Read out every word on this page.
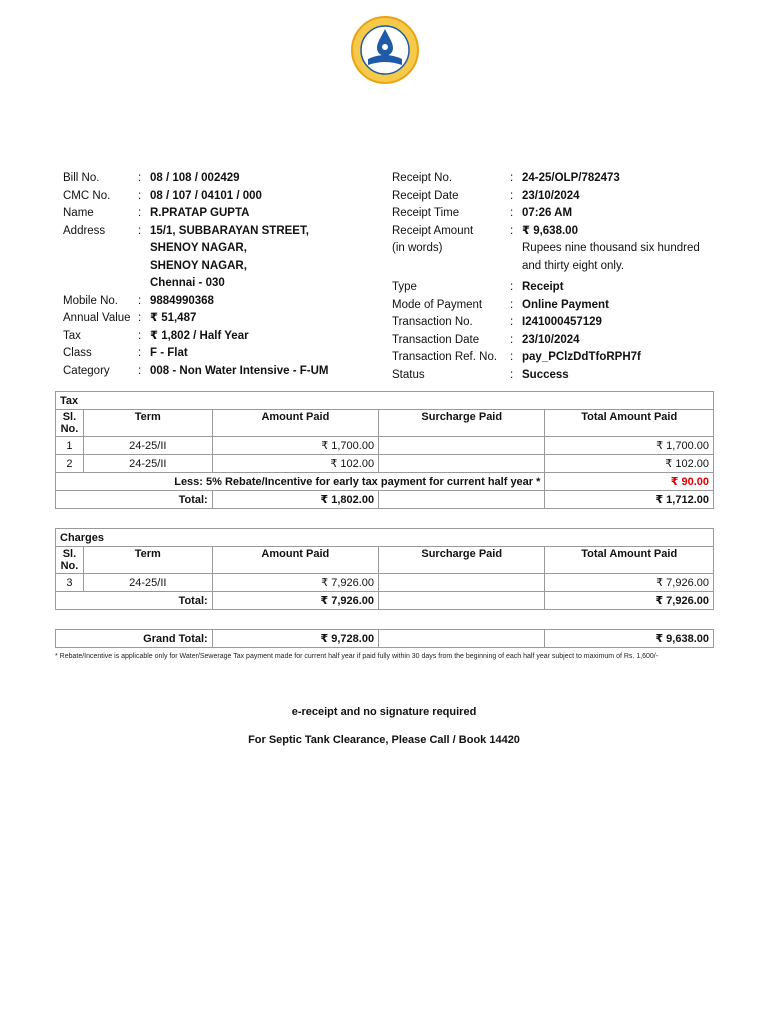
Bill No.	: 08 / 108 / 002429
CMC No.	: 08 / 107 / 04101 / 000
Name	: R.PRATAP GUPTA
Address	: 15/1, SUBBARAYAN STREET,
SHENOY NAGAR,
SHENOY NAGAR,
Chennai - 030
Mobile No.	: 9884990368
Annual Value : ₹ 51,487
Tax	: ₹ 1,802 / Half Year
Class	: F - Flat
Category	: 008 - Non Water Intensive - F-UM
Receipt No.	: 24-25/OLP/782473
Receipt Date	: 23/10/2024
Receipt Time	: 07:26 AM
Receipt Amount	: ₹ 9,638.00
(in words)	Rupees nine thousand six hundred
and thirty eight only.
Type	: Receipt
Mode of Payment	: Online Payment
Transaction No.	: I241000457129
Transaction Date	: 23/10/2024
Transaction Ref. No.	: pay_PClzDdTfoRPH7f
Status	: Success
Tax				
Sl.
No.	Term	Amount Paid	Surcharge Paid	Total Amount Paid
1	24-25/II	₹ 1,700.00		₹ 1,700.00
2	24-25/II	₹ 102.00		₹ 102.00
Less: 5% Rebate/Incentive for early tax payment for current half year *				₹ 90.00
Total:		₹ 1,802.00		₹ 1,712.00
Charges				
Sl.
No.	Term	Amount Paid	Surcharge Paid	Total Amount Paid
3	24-25/II	₹ 7,926.00		₹ 7,926.00
Total:		₹ 7,926.00		₹ 7,926.00
Grand Total:	₹ 9,728.00		₹ 9,638.00
* Rebate/Incentive is applicable only for Water/Sewerage Tax payment made for current half year if paid fully within 30 days from the beginning of each half year subject to maximum of Rs. 1,600/-
e-receipt and no signature required
For Septic Tank Clearance, Please Call / Book 14420
